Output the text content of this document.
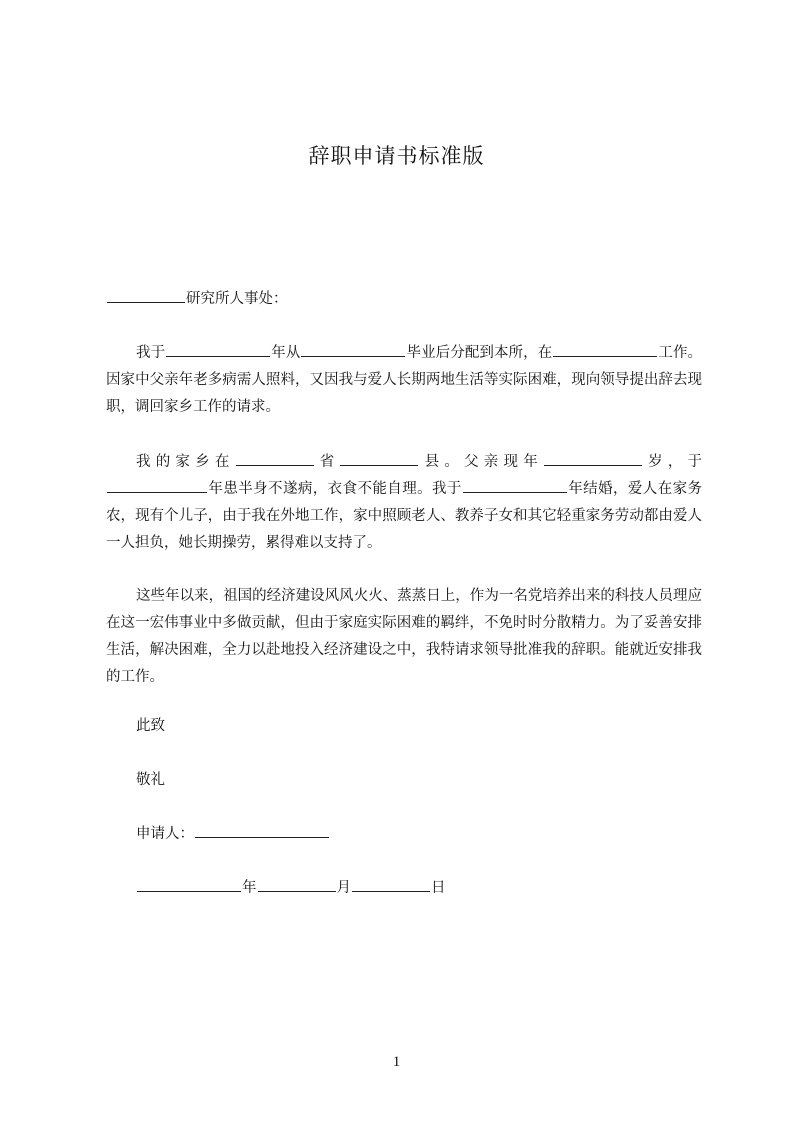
辞职申请书标准版
研究所人事处：

我于	年从	毕业后分配到本所，在	工作。因家中父亲年老多病需人照料，又因我与爱人长期两地生活等实际困难，现向领导提出辞去现职，调回家乡工作的请求。

我的家乡在	省	县。父亲现年	岁，于年患半身不遂病，衣食不能自理。我于	年结婚，爱人在家务农，现有个儿子，由于我在外地工作，家中照顾老人、教养子女和其它轻重家务劳动都由爱人一人担负，她长期操劳，累得难以支持了。

这些年以来，祖国的经济建设风风火火、蒸蒸日上，作为一名党培养出来的科技人员理应在这一宏伟事业中多做贡献，但由于家庭实际困难的羁绊，不免时时分散精力。为了妥善安排生活，解决困难，全力以赴地投入经济建设之中，我特请求领导批准我的辞职。能就近安排我的工作。

此致
敬礼
申请人：
年	月	日
1
